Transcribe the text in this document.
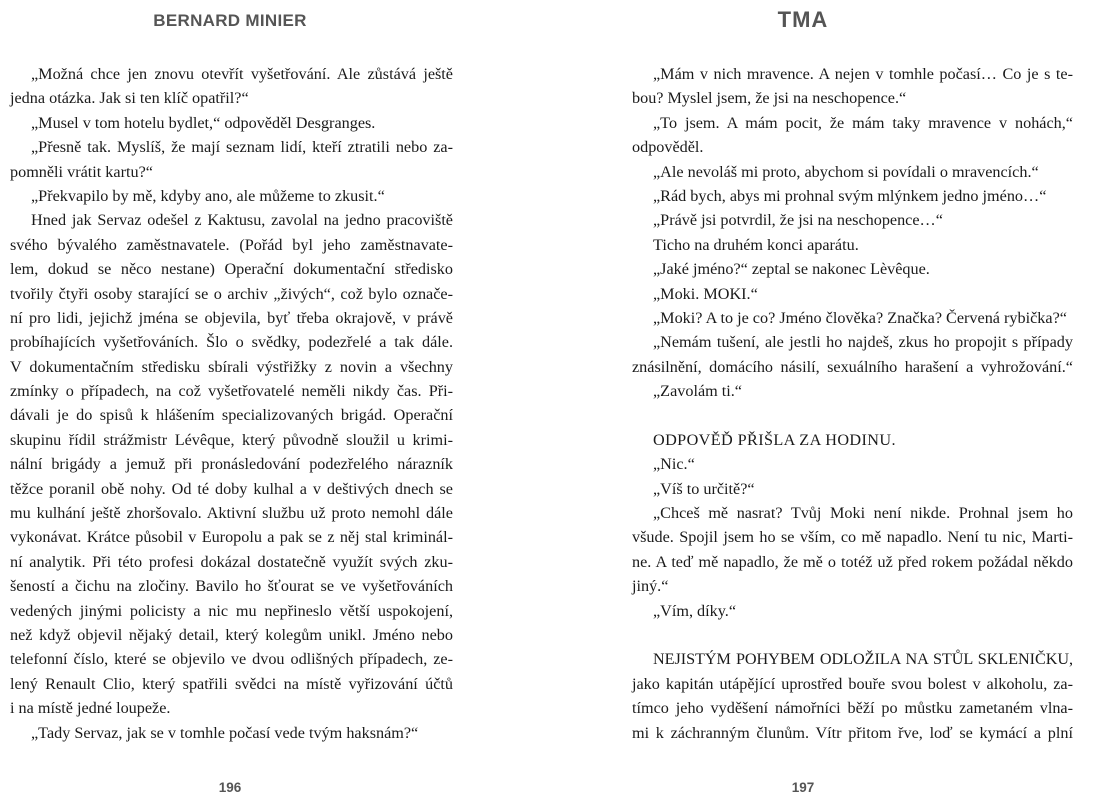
BERNARD MINIER
„Možná chce jen znovu otevřít vyšetřování. Ale zůstává ještě
jedna otázka. Jak si ten klíč opatřil?“
„Musel v tom hotelu bydlet,“ odpověděl Desgranges.
„Přesně tak. Myslíš, že mají seznam lidí, kteří ztratili nebo za-
pomněli vrátit kartu?“
„Překvapilo by mě, kdyby ano, ale můžeme to zkusit.“
Hned jak Servaz odešel z Kaktusu, zavolal na jedno pracoviště
svého bývalého zaměstnavatele. (Pořád byl jeho zaměstnavate-
lem, dokud se něco nestane) Operační dokumentační středisko
tvořily čtyři osoby starající se o archiv „živých“, což bylo označe-
ní pro lidi, jejichž jména se objevila, byť třeba okrajově, v právě
probíhajících vyšetřováních. Šlo o svědky, podezřelé a tak dále.
V dokumentačním středisku sbírali výstřižky z novin a všechny
zmínky o případech, na což vyšetřovatelé neměli nikdy čas. Při-
dávali je do spisů k hlášením specializovaných brigád. Operační
skupinu řídil strážmistr Lévêque, který původně sloužil u krimi-
nální brigády a jemuž při pronásledování podezřelého nárazník
těžce poranil obě nohy. Od té doby kulhal a v deštivých dnech se
mu kulhání ještě zhoršovalo. Aktivní službu už proto nemohl dále
vykonávat. Krátce působil v Europolu a pak se z něj stal kriminál-
ní analytik. Při této profesi dokázal dostatečně využít svých zku-
šeností a čichu na zločiny. Bavilo ho šťourat se ve vyšetřováních
vedených jinými policisty a nic mu nepřineslo větší uspokojení,
než když objevil nějaký detail, který kolegům unikl. Jméno nebo
telefonní číslo, které se objevilo ve dvou odlišných případech, ze-
lený Renault Clio, který spatřili svědci na místě vyřizování účtů
i na místě jedné loupeže.
„Tady Servaz, jak se v tomhle počasí vede tvým haksnám?“
196
TMA
„Mám v nich mravence. A nejen v tomhle počasí… Co je s te-
bou? Myslel jsem, že jsi na neschopence.“
„To jsem. A mám pocit, že mám taky mravence v nohách,“
odpověděl.
„Ale nevoláš mi proto, abychom si povídali o mravencích.“
„Rád bych, abys mi prohnal svým mlýnkem jedno jméno…“
„Právě jsi potvrdil, že jsi na neschopence…“
Ticho na druhém konci aparátu.
„Jaké jméno?“ zeptal se nakonec Lèvêque.
„Moki. MOKI.“
„Moki? A to je co? Jméno člověka? Značka? Červená rybička?“
„Nemám tušení, ale jestli ho najdeš, zkus ho propojit s případy
znásilnění, domácího násilí, sexuálního harašení a vyhrožování.“
„Zavolám ti.“
ODPOVĚĎ PŘIŠLA ZA HODINU.
„Nic.“
„Víš to určitě?“
„Chceš mě nasrat? Tvůj Moki není nikde. Prohnal jsem ho
všude. Spojil jsem ho se vším, co mě napadlo. Není tu nic, Marti-
ne. A teď mě napadlo, že mě o totéž už před rokem požádal někdo
jiný.“
„Vím, díky.“
NEJISTÝM POHYBEM ODLOŽILA NA STŮL SKLENIČKU,
jako kapitán utápějící uprostřed bouře svou bolest v alkoholu, za-
tímco jeho vyděšení námořníci běží po můstku zametaném vlna-
mi k záchranným člunům. Vítr přitom řve, loď se kymácí a plní
197
